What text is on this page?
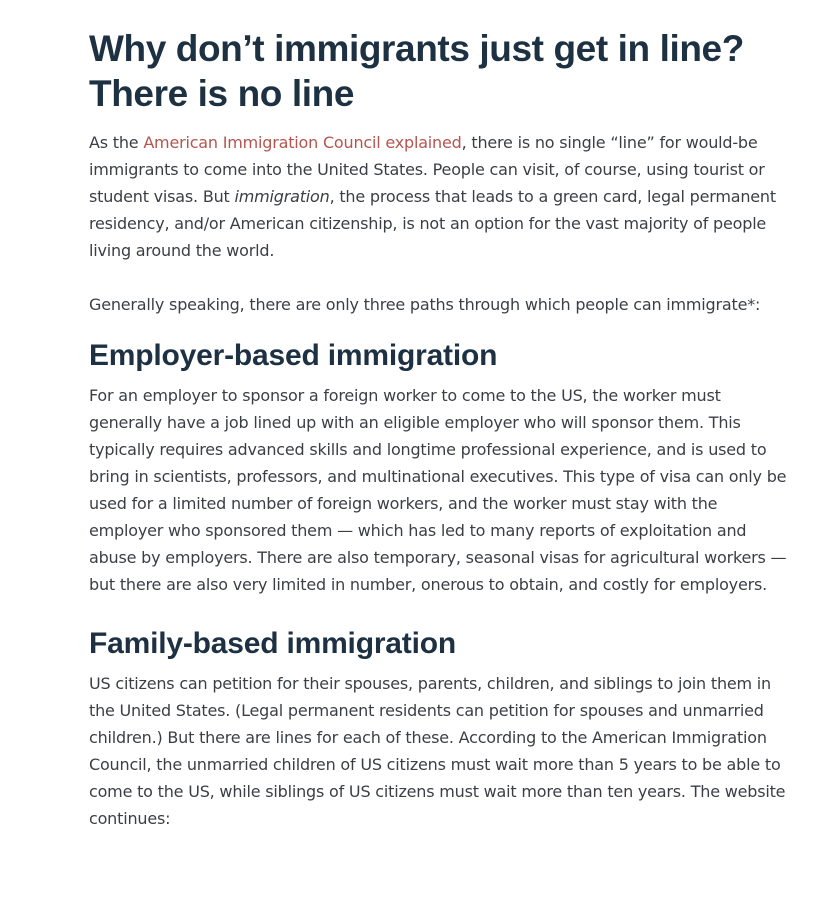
Why don’t immigrants just get in line?
There is no line

As the American Immigration Council explained, there is no single “line” for would-be immigrants to come into the United States. People can visit, of course, using tourist or student visas. But immigration, the process that leads to a green card, legal permanent residency, and/or American citizenship, is not an option for the vast majority of people living around the world.

Generally speaking, there are only three paths through which people can immigrate*:

Employer-based immigration

For an employer to sponsor a foreign worker to come to the US, the worker must generally have a job lined up with an eligible employer who will sponsor them. This typically requires advanced skills and longtime professional experience, and is used to bring in scientists, professors, and multinational executives. This type of visa can only be used for a limited number of foreign workers, and the worker must stay with the employer who sponsored them — which has led to many reports of exploitation and abuse by employers. There are also temporary, seasonal visas for agricultural workers — but there are also very limited in number, onerous to obtain, and costly for employers.

Family-based immigration

US citizens can petition for their spouses, parents, children, and siblings to join them in the United States. (Legal permanent residents can petition for spouses and unmarried children.) But there are lines for each of these. According to the American Immigration Council, the unmarried children of US citizens must wait more than 5 years to be able to come to the US, while siblings of US citizens must wait more than ten years. The website continues:
